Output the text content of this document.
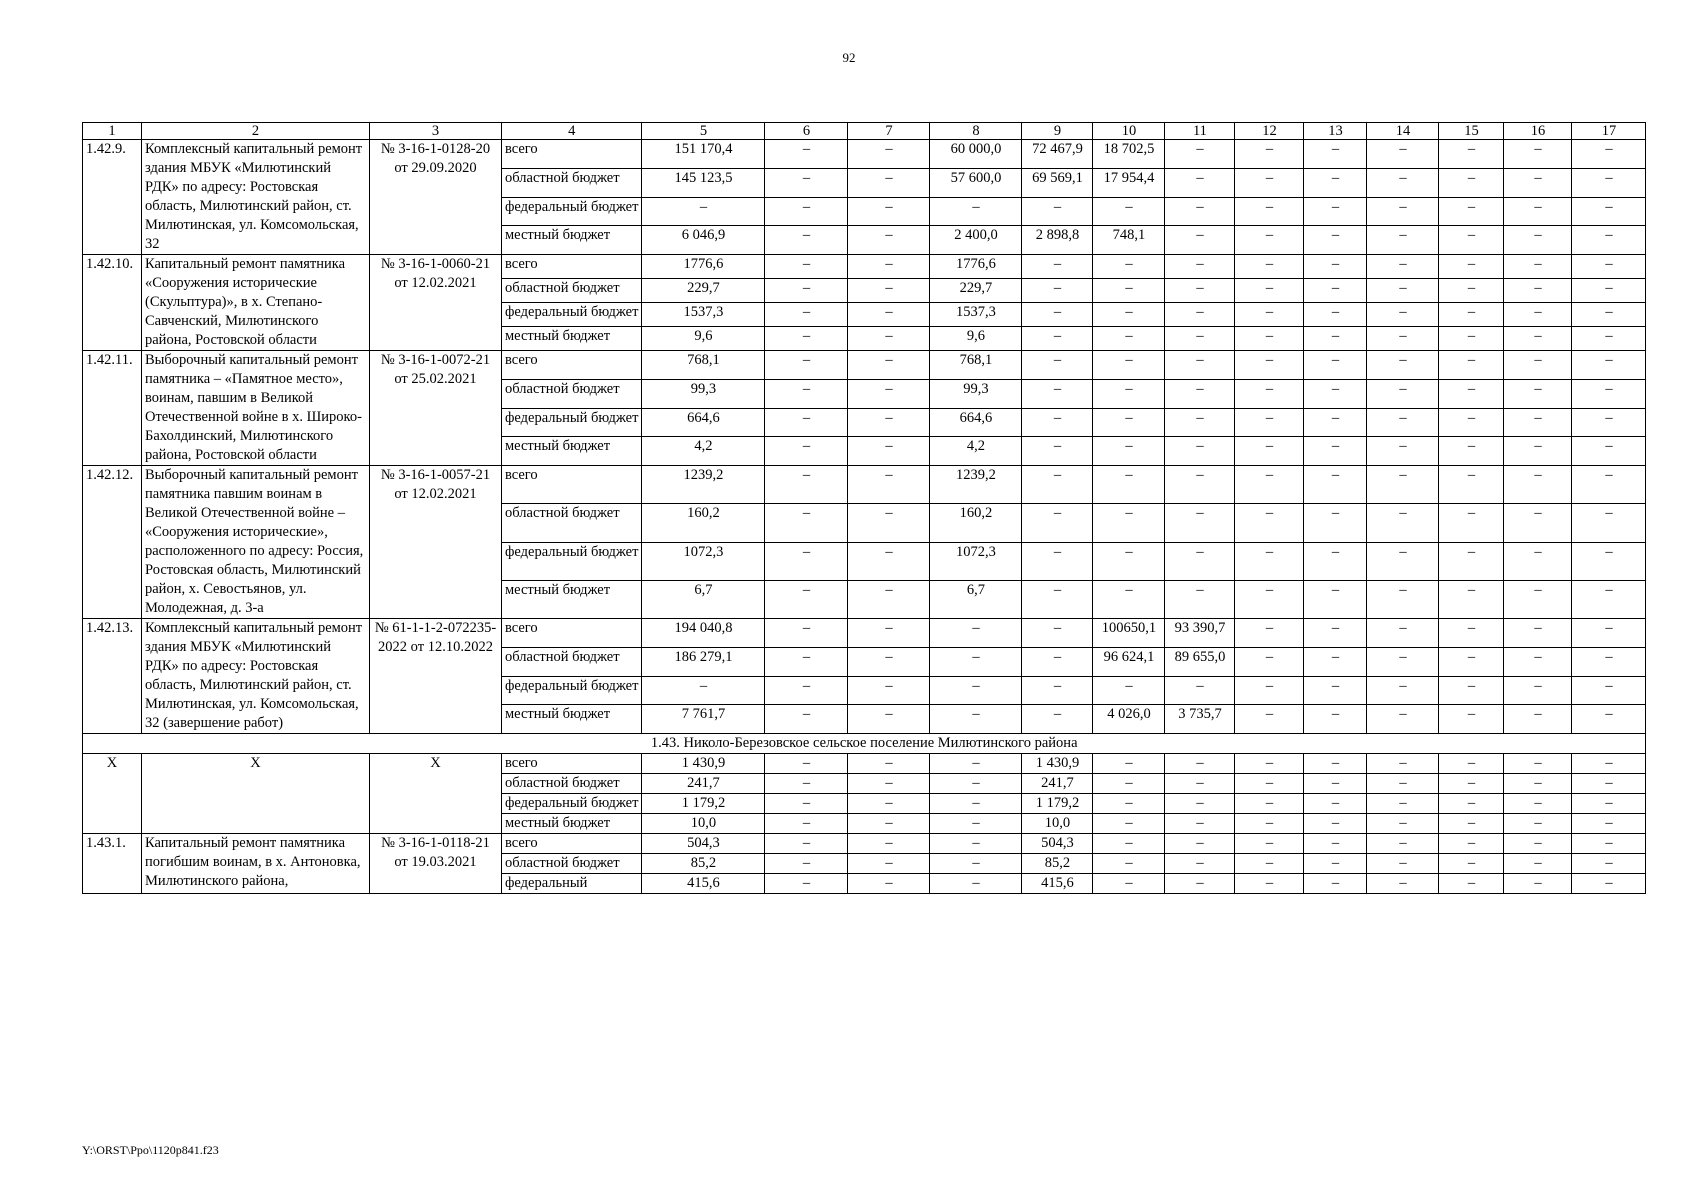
92
1	2	3	4	5	6	7	8	9	10	11	12	13	14	15	16	17
1.42.9.	Комплексный капитальный ремонт здания МБУК «Милютинский РДК» по адресу: Ростовская область, Милютинский район, ст. Милютинская, ул. Комсомольская, 32	№ 3-16-1-0128-20 от 29.09.2020	всего	151 170,4	–	–	60 000,0	72 467,9	18 702,5	–	–	–	–	–	–	–
			областной бюджет	145 123,5	–	–	57 600,0	69 569,1	17 954,4	–	–	–	–	–	–	–
			федеральный бюджет	–	–	–	–	–	–	–	–	–	–	–	–	–
			местный бюджет	6 046,9	–	–	2 400,0	2 898,8	748,1	–	–	–	–	–	–	–
1.42.10.	Капитальный ремонт памятника «Сооружения исторические (Скульптура)», в х. Степано-Савченский, Милютинского района, Ростовской области	№ 3-16-1-0060-21 от 12.02.2021	всего	1776,6	–	–	1776,6	–	–	–	–	–	–	–	–	–
			областной бюджет	229,7	–	–	229,7	–	–	–	–	–	–	–	–	–
			федеральный бюджет	1537,3	–	–	1537,3	–	–	–	–	–	–	–	–	–
			местный бюджет	9,6	–	–	9,6	–	–	–	–	–	–	–	–	–
1.42.11.	Выборочный капитальный ремонт памятника – «Памятное место», воинам, павшим в Великой Отечественной войне в х. Широко-Бахолдинский, Милютинского района, Ростовской области	№ 3-16-1-0072-21 от 25.02.2021	всего	768,1	–	–	768,1	–	–	–	–	–	–	–	–	–
			областной бюджет	99,3	–	–	99,3	–	–	–	–	–	–	–	–	–
			федеральный бюджет	664,6	–	–	664,6	–	–	–	–	–	–	–	–	–
			местный бюджет	4,2	–	–	4,2	–	–	–	–	–	–	–	–	–
1.42.12.	Выборочный капитальный ремонт памятника павшим воинам в Великой Отечественной войне – «Сооружения исторические», расположенного по адресу: Россия, Ростовская область, Милютинский район, х. Севостьянов, ул. Молодежная, д. 3-а	№ 3-16-1-0057-21 от 12.02.2021	всего	1239,2	–	–	1239,2	–	–	–	–	–	–	–	–	–
			областной бюджет	160,2	–	–	160,2	–	–	–	–	–	–	–	–	–
			федеральный бюджет	1072,3	–	–	1072,3	–	–	–	–	–	–	–	–	–
			местный бюджет	6,7	–	–	6,7	–	–	–	–	–	–	–	–	–
1.42.13.	Комплексный капитальный ремонт здания МБУК «Милютинский РДК» по адресу: Ростовская область, Милютинский район, ст. Милютинская, ул. Комсомольская, 32 (завершение работ)	№ 61-1-1-2-072235-2022 от 12.10.2022	всего	194 040,8	–	–	–	–	100650,1	93 390,7	–	–	–	–	–	–
			областной бюджет	186 279,1	–	–	–	–	96 624,1	89 655,0	–	–	–	–	–	–
			федеральный бюджет	–	–	–	–	–	–	–	–	–	–	–	–	–
			местный бюджет	7 761,7	–	–	–	–	4 026,0	3 735,7	–	–	–	–	–	–
1.43. Николо-Березовское сельское поселение Милютинского района																
X	X	X	всего	1 430,9	–	–	–	1 430,9	–	–	–	–	–	–	–	–
			областной бюджет	241,7	–	–	–	241,7	–	–	–	–	–	–	–	–
			федеральный бюджет	1 179,2	–	–	–	1 179,2	–	–	–	–	–	–	–	–
			местный бюджет	10,0	–	–	–	10,0	–	–	–	–	–	–	–	–
1.43.1.	Капитальный ремонт памятника погибшим воинам, в х. Антоновка, Милютинского района,	№ 3-16-1-0118-21 от 19.03.2021	всего	504,3	–	–	–	504,3	–	–	–	–	–	–	–	–
			областной бюджет	85,2	–	–	–	85,2	–	–	–	–	–	–	–	–
			федеральный	415,6	–	–	–	415,6	–	–	–	–	–	–	–	–
Y:\ORST\Ppo\1120p841.f23
